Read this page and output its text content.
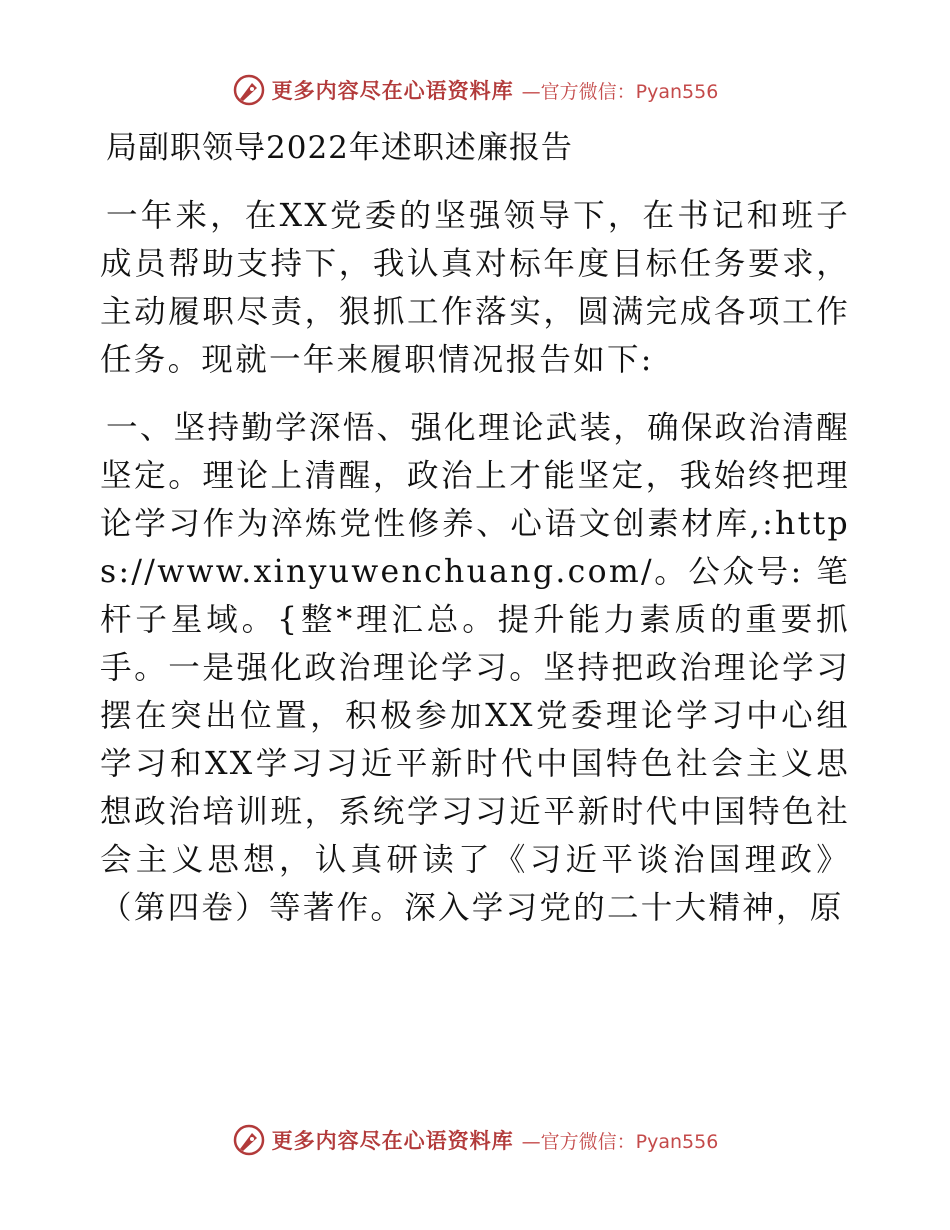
更多内容尽在心语资料库 —官方微信：Pyan556
局副职领导2022年述职述廉报告

一年来，在XX党委的坚强领导下，在书记和班子成员帮助支持下，我认真对标年度目标任务要求，主动履职尽责，狠抓工作落实，圆满完成各项工作任务。现就一年来履职情况报告如下:

一、坚持勤学深悟、强化理论武装，确保政治清醒坚定。理论上清醒，政治上才能坚定，我始终把理论学习作为淬炼党性修养、心语文创素材库,:https://www.xinyuwenchuang.com/。公众号: 笔杆子星域。{整*理汇总。提升能力素质的重要抓手。一是强化政治理论学习。坚持把政治理论学习摆在突出位置，积极参加XX党委理论学习中心组学习和XX学习习近平新时代中国特色社会主义思想政治培训班，系统学习习近平新时代中国特色社会主义思想，认真研读了《习近平谈治国理政》（第四卷）等著作。深入学习党的二十大精神，原

更多内容尽在心语资料库 —官方微信：Pyan556
